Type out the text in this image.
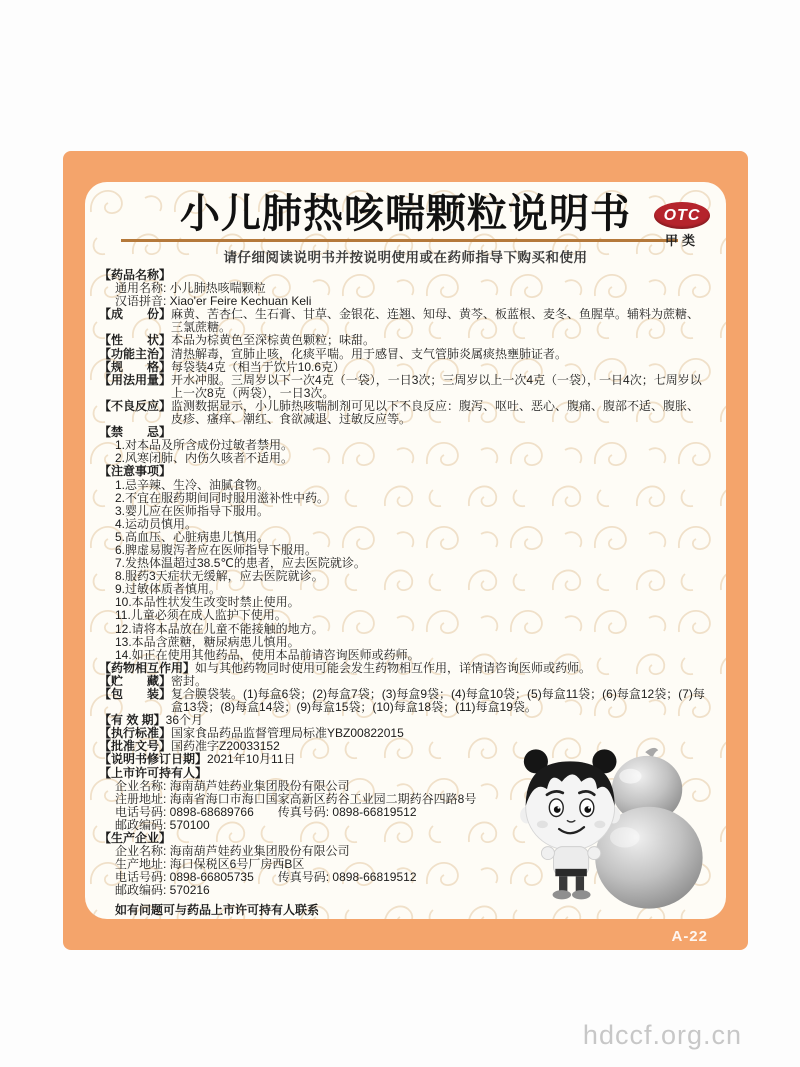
OTC
甲类
小儿肺热咳喘颗粒说明书
请仔细阅读说明书并按说明使用或在药师指导下购买和使用
【药品名称】
通用名称: 小儿肺热咳喘颗粒
汉语拼音: Xiao'er Feire Kechuan Keli
【成　　份】 麻黄、苦杏仁、生石膏、甘草、金银花、连翘、知母、黄芩、板蓝根、麦冬、鱼腥草。辅料为蔗糖、三氯蔗糖。
【性　　状】 本品为棕黄色至深棕黄色颗粒；味甜。
【功能主治】 清热解毒，宣肺止咳，化痰平喘。用于感冒、支气管肺炎属痰热壅肺证者。
【规　　格】 每袋装4克（相当于饮片10.6克）
【用法用量】 开水冲服。三周岁以下一次4克（一袋），一日3次；三周岁以上一次4克（一袋），一日4次；七周岁以上一次8克（两袋），一日3次。
【不良反应】 监测数据显示，小儿肺热咳喘制剂可见以下不良反应：腹泻、呕吐、恶心、腹痛、腹部不适、腹胀、皮疹、瘙痒、潮红、食欲减退、过敏反应等。
【禁　　忌】
1.对本品及所含成份过敏者禁用。
2.风寒闭肺、内伤久咳者不适用。
【注意事项】
1.忌辛辣、生冷、油腻食物。
2.不宜在服药期间同时服用滋补性中药。
3.婴儿应在医师指导下服用。
4.运动员慎用。
5.高血压、心脏病患儿慎用。
6.脾虚易腹泻者应在医师指导下服用。
7.发热体温超过38.5℃的患者，应去医院就诊。
8.服药3天症状无缓解，应去医院就诊。
9.过敏体质者慎用。
10.本品性状发生改变时禁止使用。
11.儿童必须在成人监护下使用。
12.请将本品放在儿童不能接触的地方。
13.本品含蔗糖，糖尿病患儿慎用。
14.如正在使用其他药品，使用本品前请咨询医师或药师。
【药物相互作用】 如与其他药物同时使用可能会发生药物相互作用，详情请咨询医师或药师。
【贮　　藏】 密封。
【包　　装】 复合膜袋装。(1)每盒6袋；(2)每盒7袋；(3)每盒9袋；(4)每盒10袋；(5)每盒11袋；(6)每盒12袋；(7)每盒13袋；(8)每盒14袋；(9)每盒15袋；(10)每盒18袋；(11)每盒19袋。
【有 效 期】 36个月
【执行标准】 国家食品药品监督管理局标准YBZ00822015
【批准文号】 国药准字Z20033152
【说明书修订日期】 2021年10月11日
【上市许可持有人】
企业名称: 海南葫芦娃药业集团股份有限公司
注册地址: 海南省海口市海口国家高新区药谷工业园二期药谷四路8号
电话号码: 0898-68689766　　传真号码: 0898-66819512
邮政编码: 570100
【生产企业】
企业名称: 海南葫芦娃药业集团股份有限公司
生产地址: 海口保税区6号厂房西B区
电话号码: 0898-66805735　　传真号码: 0898-66819512
邮政编码: 570216
如有问题可与药品上市许可持有人联系
A-22
hdccf.org.cn
